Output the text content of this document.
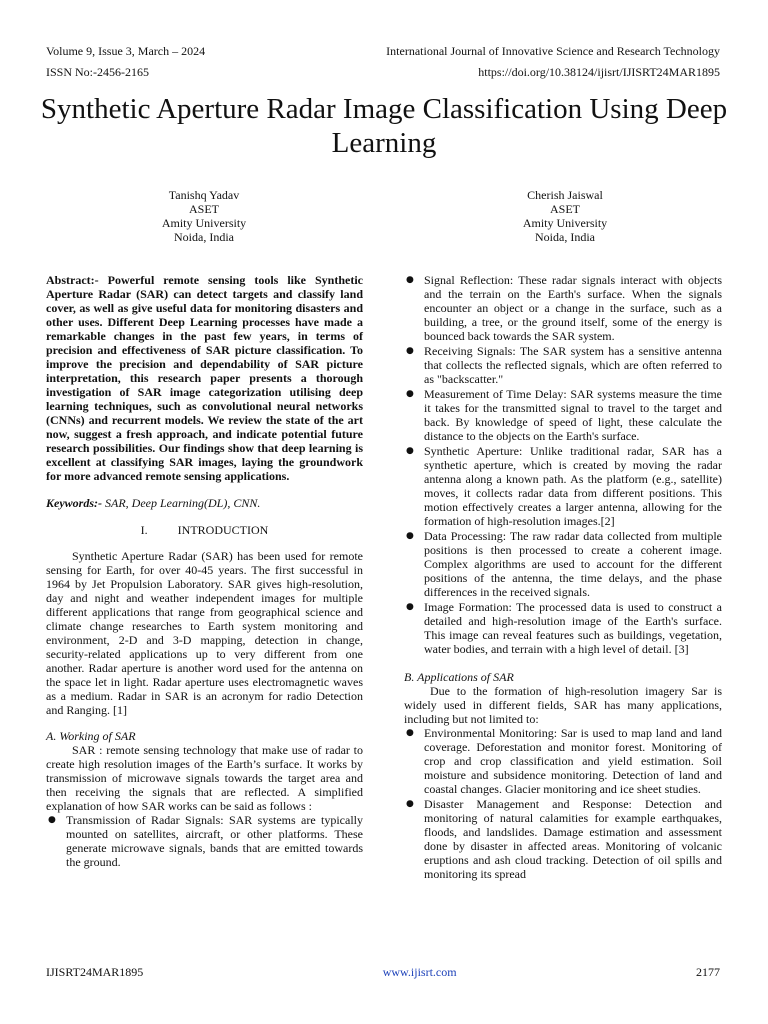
Volume 9, Issue 3, March – 2024	International Journal of Innovative Science and Research Technology
ISSN No:-2456-2165	https://doi.org/10.38124/ijisrt/IJISRT24MAR1895
Synthetic Aperture Radar Image Classification Using Deep Learning
Tanishq Yadav
ASET
Amity University
Noida, India
Cherish Jaiswal
ASET
Amity University
Noida, India

Abstract:- Powerful remote sensing tools like Synthetic Aperture Radar (SAR) can detect targets and classify land cover, as well as give useful data for monitoring disasters and other uses. Different Deep Learning processes have made a remarkable changes in the past few years, in terms of precision and effectiveness of SAR picture classification. To improve the precision and dependability of SAR picture interpretation, this research paper presents a thorough investigation of SAR image categorization utilising deep learning techniques, such as convolutional neural networks (CNNs) and recurrent models. We review the state of the art now, suggest a fresh approach, and indicate potential future research possibilities. Our findings show that deep learning is excellent at classifying SAR images, laying the groundwork for more advanced remote sensing applications.

Keywords:- SAR, Deep Learning(DL), CNN.

I.	INTRODUCTION

Synthetic Aperture Radar (SAR) has been used for remote sensing for Earth, for over 40-45 years. The first successful in 1964 by Jet Propulsion Laboratory. SAR gives high-resolution, day and night and weather independent images for multiple different applications that range from geographical science and climate change researches to Earth system monitoring and environment, 2-D and 3-D mapping, detection in change, security-related applications up to very different from one another. Radar aperture is another word used for the antenna on the space let in light. Radar aperture uses electromagnetic waves as a medium. Radar in SAR is an acronym for radio Detection and Ranging. [1]

A. Working of SAR

SAR : remote sensing technology that make use of radar to create high resolution images of the Earth’s surface. It works by transmission of microwave signals towards the target area and then receiving the signals that are reflected. A simplified explanation of how SAR works can be said as follows :

● Transmission of Radar Signals: SAR systems are typically mounted on satellites, aircraft, or other platforms. These generate microwave signals, bands that are emitted towards the ground.
● Signal Reflection: These radar signals interact with objects and the terrain on the Earth's surface. When the signals encounter an object or a change in the surface, such as a building, a tree, or the ground itself, some of the energy is bounced back towards the SAR system.
● Receiving Signals: The SAR system has a sensitive antenna that collects the reflected signals, which are often referred to as "backscatter."
● Measurement of Time Delay: SAR systems measure the time it takes for the transmitted signal to travel to the target and back. By knowledge of speed of light, these calculate the distance to the objects on the Earth's surface.
● Synthetic Aperture: Unlike traditional radar, SAR has a synthetic aperture, which is created by moving the radar antenna along a known path. As the platform (e.g., satellite) moves, it collects radar data from different positions. This motion effectively creates a larger antenna, allowing for the formation of high-resolution images.[2]
● Data Processing: The raw radar data collected from multiple positions is then processed to create a coherent image. Complex algorithms are used to account for the different positions of the antenna, the time delays, and the phase differences in the received signals.
● Image Formation: The processed data is used to construct a detailed and high-resolution image of the Earth's surface. This image can reveal features such as buildings, vegetation, water bodies, and terrain with a high level of detail. [3]

B. Applications of SAR

Due to the formation of high-resolution imagery Sar is widely used in different fields, SAR has many applications, including but not limited to:

● Environmental Monitoring: Sar is used to map land and land coverage. Deforestation and monitor forest. Monitoring of crop and crop classification and yield estimation. Soil moisture and subsidence monitoring. Detection of land and coastal changes. Glacier monitoring and ice sheet studies.
● Disaster Management and Response: Detection and monitoring of natural calamities for example earthquakes, floods, and landslides. Damage estimation and assessment done by disaster in affected areas. Monitoring of volcanic eruptions and ash cloud tracking. Detection of oil spills and monitoring its spread
IJISRT24MAR1895	www.ijisrt.com	2177
